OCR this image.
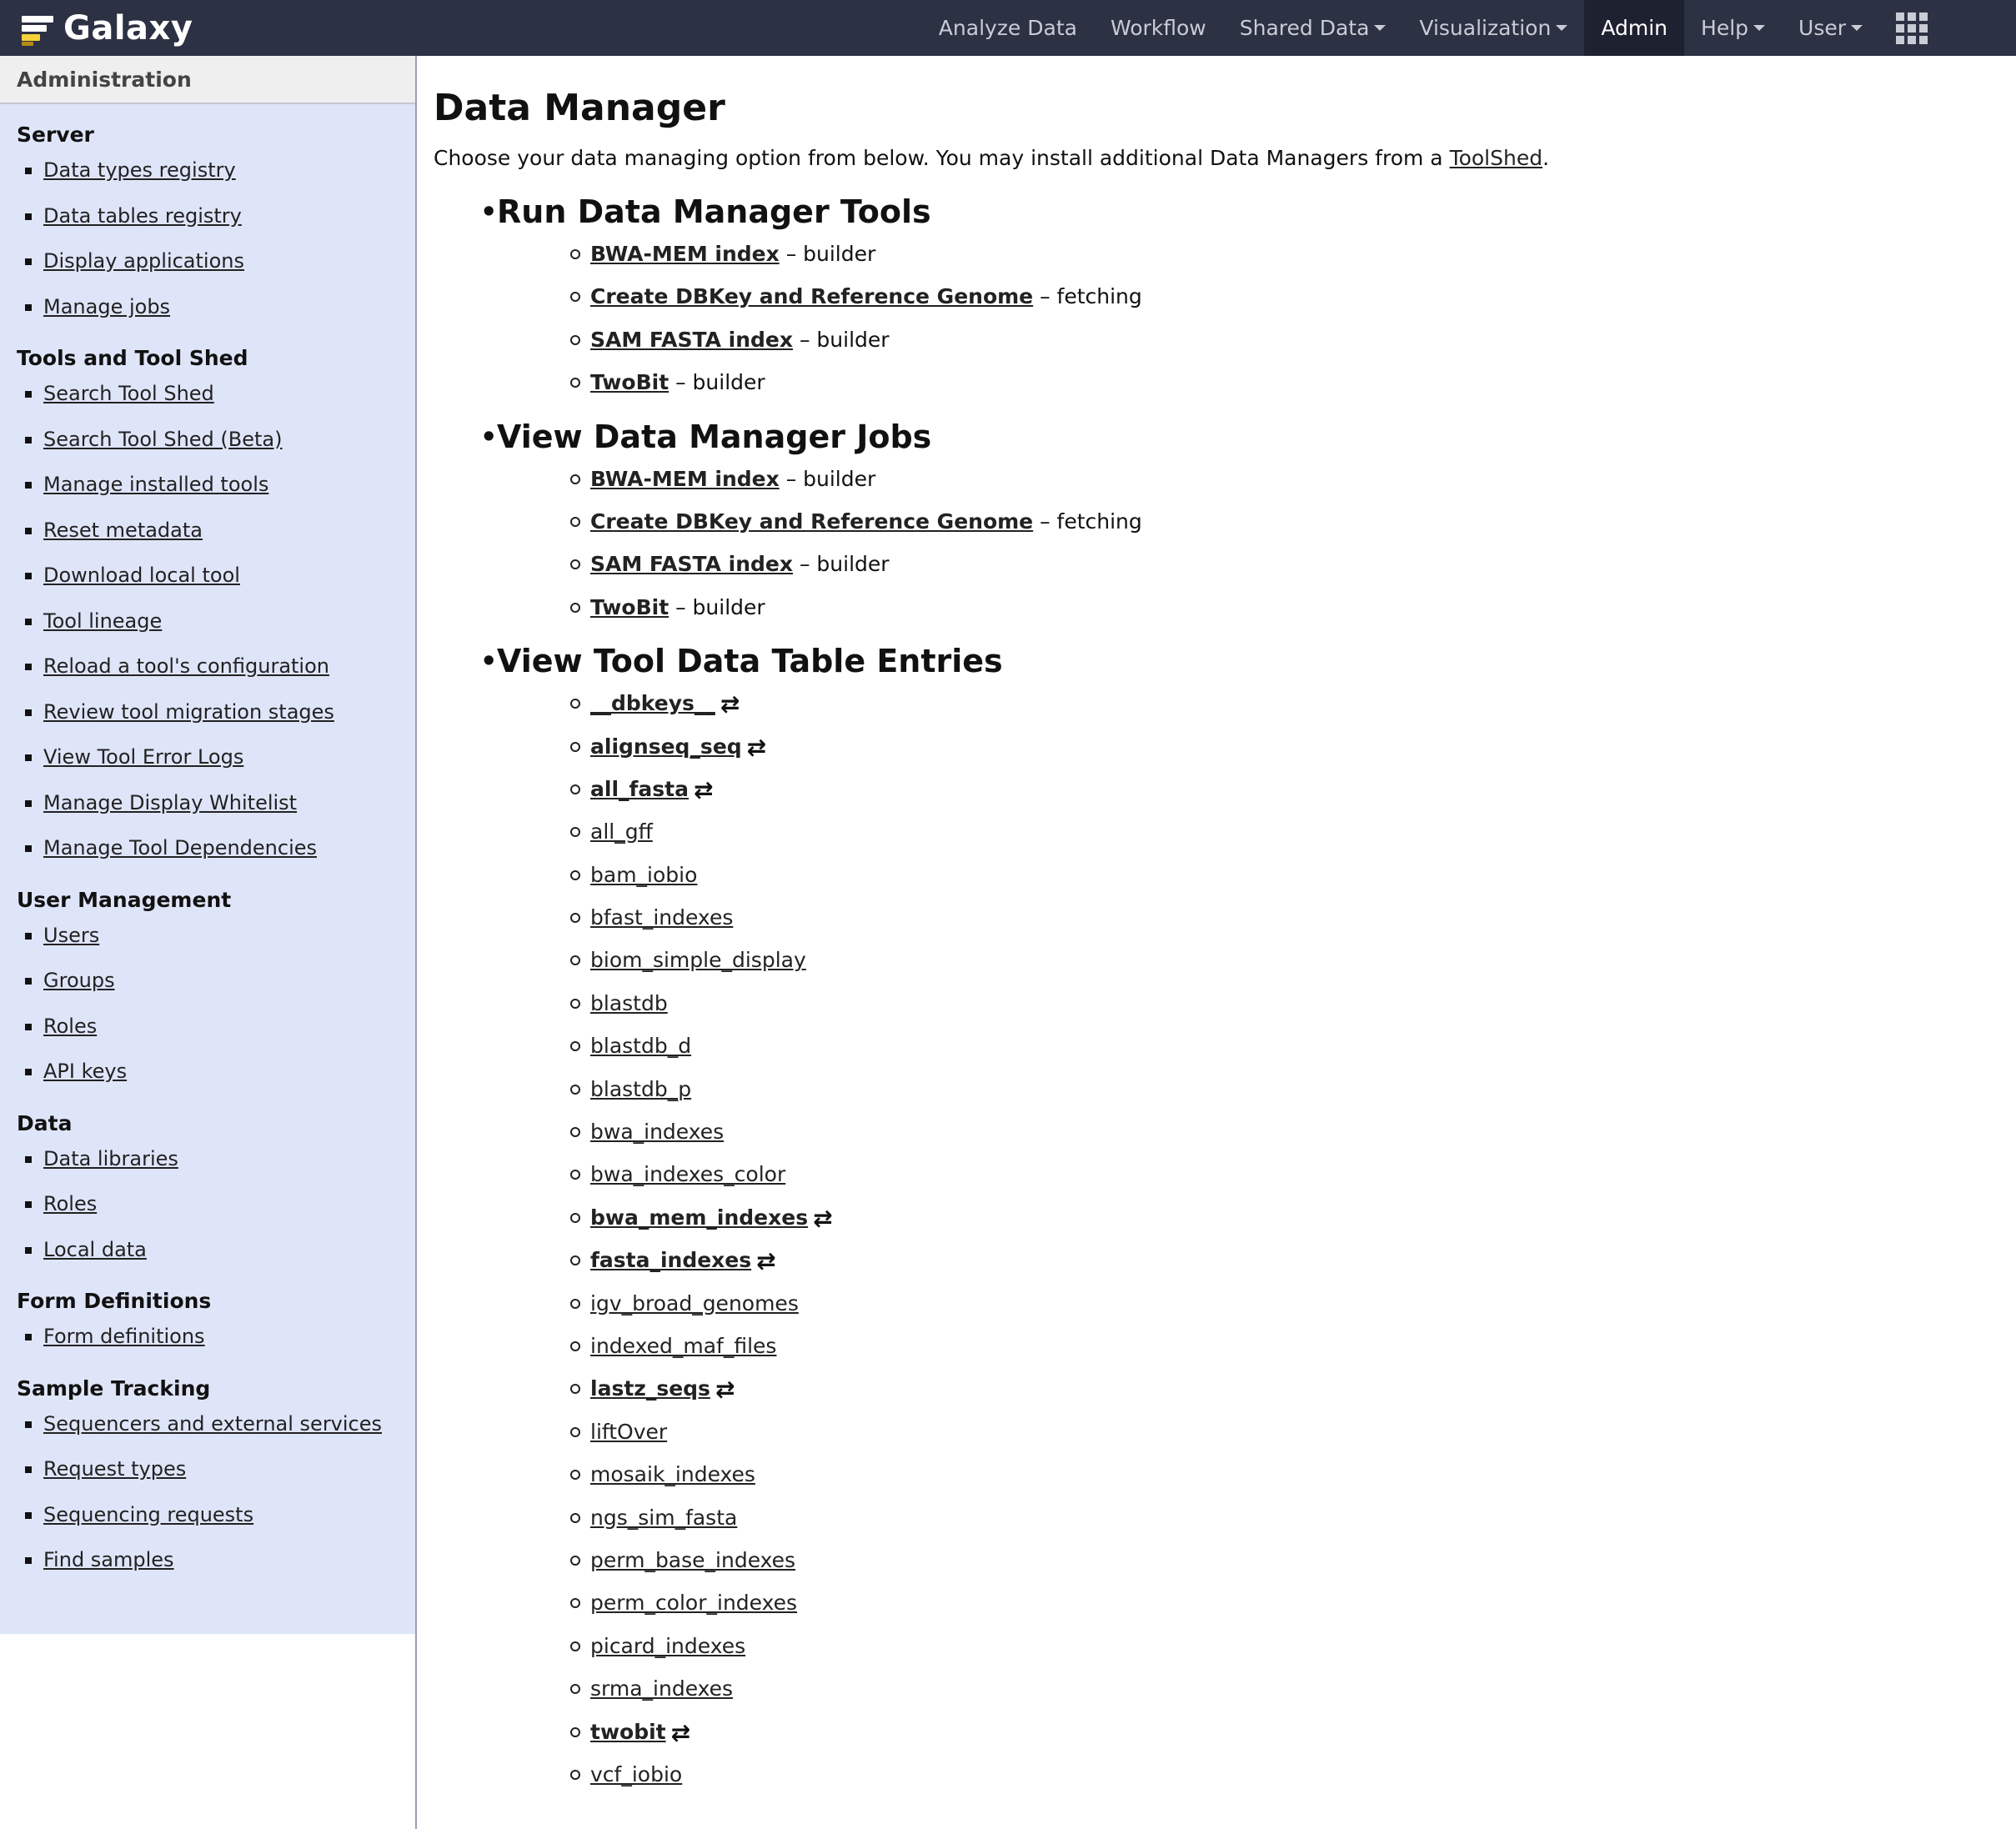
Galaxy	Analyze Data Workflow Shared Data Visualization Admin Help User
Administration
Server
Data types registry
Data tables registry
Display applications
Manage jobs
Tools and Tool Shed
Search Tool Shed
Search Tool Shed (Beta)
Manage installed tools
Reset metadata
Download local tool
Tool lineage
Reload a tool's configuration
Review tool migration stages
View Tool Error Logs
Manage Display Whitelist
Manage Tool Dependencies
User Management
Users
Groups
Roles
API keys
Data
Data libraries
Roles
Local data
Form Definitions
Form definitions
Sample Tracking
Sequencers and external services
Request types
Sequencing requests
Find samples
Data Manager
Choose your data managing option from below. You may install additional Data Managers from a ToolShed.
• Run Data Manager Tools
BWA-MEM index – builder
Create DBKey and Reference Genome – fetching
SAM FASTA index – builder
TwoBit – builder
• View Data Manager Jobs
BWA-MEM index – builder
Create DBKey and Reference Genome – fetching
SAM FASTA index – builder
TwoBit – builder
• View Tool Data Table Entries
__dbkeys__ ⇄
alignseq_seq ⇄
all_fasta ⇄
all_gff
bam_iobio
bfast_indexes
biom_simple_display
blastdb
blastdb_d
blastdb_p
bwa_indexes
bwa_indexes_color
bwa_mem_indexes ⇄
fasta_indexes ⇄
igv_broad_genomes
indexed_maf_files
lastz_seqs ⇄
liftOver
mosaik_indexes
ngs_sim_fasta
perm_base_indexes
perm_color_indexes
picard_indexes
srma_indexes
twobit ⇄
vcf_iobio
